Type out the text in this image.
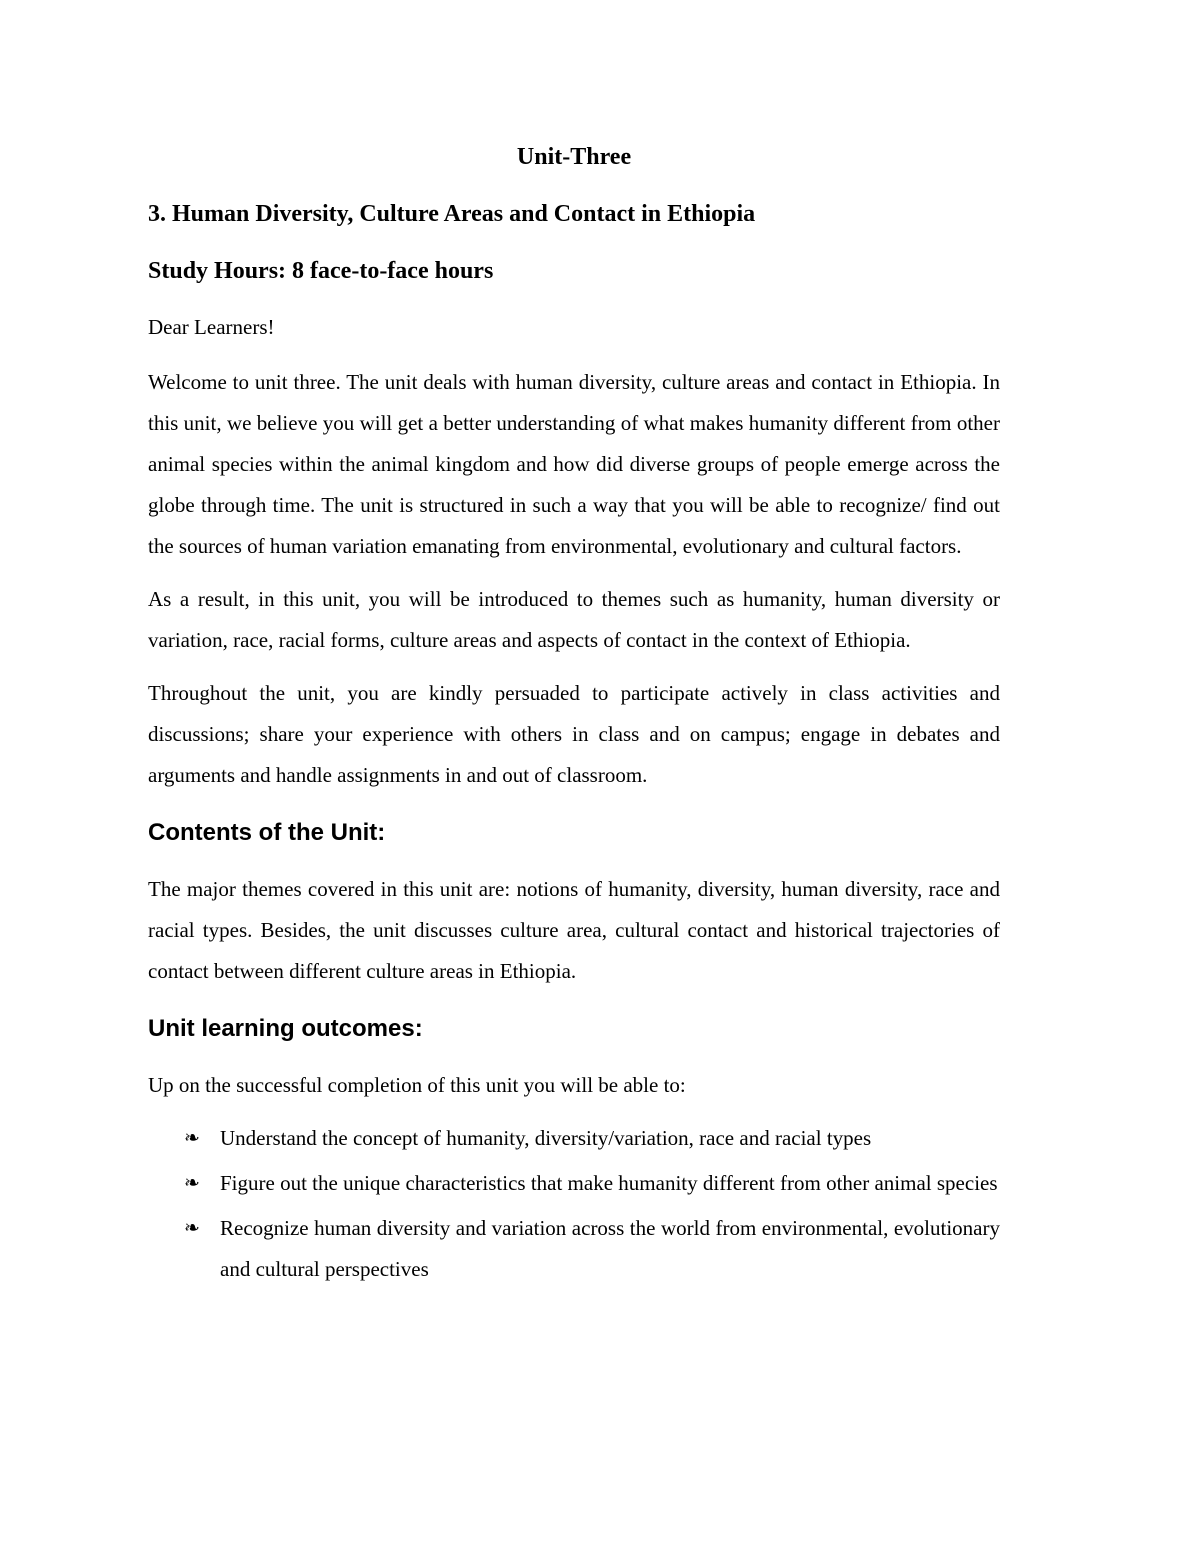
Unit-Three
3. Human Diversity, Culture Areas and Contact in Ethiopia
Study Hours: 8 face-to-face hours

Dear Learners!

Welcome to unit three. The unit deals with human diversity, culture areas and contact in Ethiopia. In this unit, we believe you will get a better understanding of what makes humanity different from other animal species within the animal kingdom and how did diverse groups of people emerge across the globe through time. The unit is structured in such a way that you will be able to recognize/ find out the sources of human variation emanating from environmental, evolutionary and cultural factors.

As a result, in this unit, you will be introduced to themes such as humanity, human diversity or variation, race, racial forms, culture areas and aspects of contact in the context of Ethiopia.

Throughout the unit, you are kindly persuaded to participate actively in class activities and discussions; share your experience with others in class and on campus; engage in debates and arguments and handle assignments in and out of classroom.

Contents of the Unit:

The major themes covered in this unit are: notions of humanity, diversity, human diversity, race and racial types. Besides, the unit discusses culture area, cultural contact and historical trajectories of contact between different culture areas in Ethiopia.

Unit learning outcomes:

Up on the successful completion of this unit you will be able to:

❧ Understand the concept of humanity, diversity/variation, race and racial types
❧ Figure out the unique characteristics that make humanity different from other animal species
❧ Recognize human diversity and variation across the world from environmental, evolutionary and cultural perspectives
